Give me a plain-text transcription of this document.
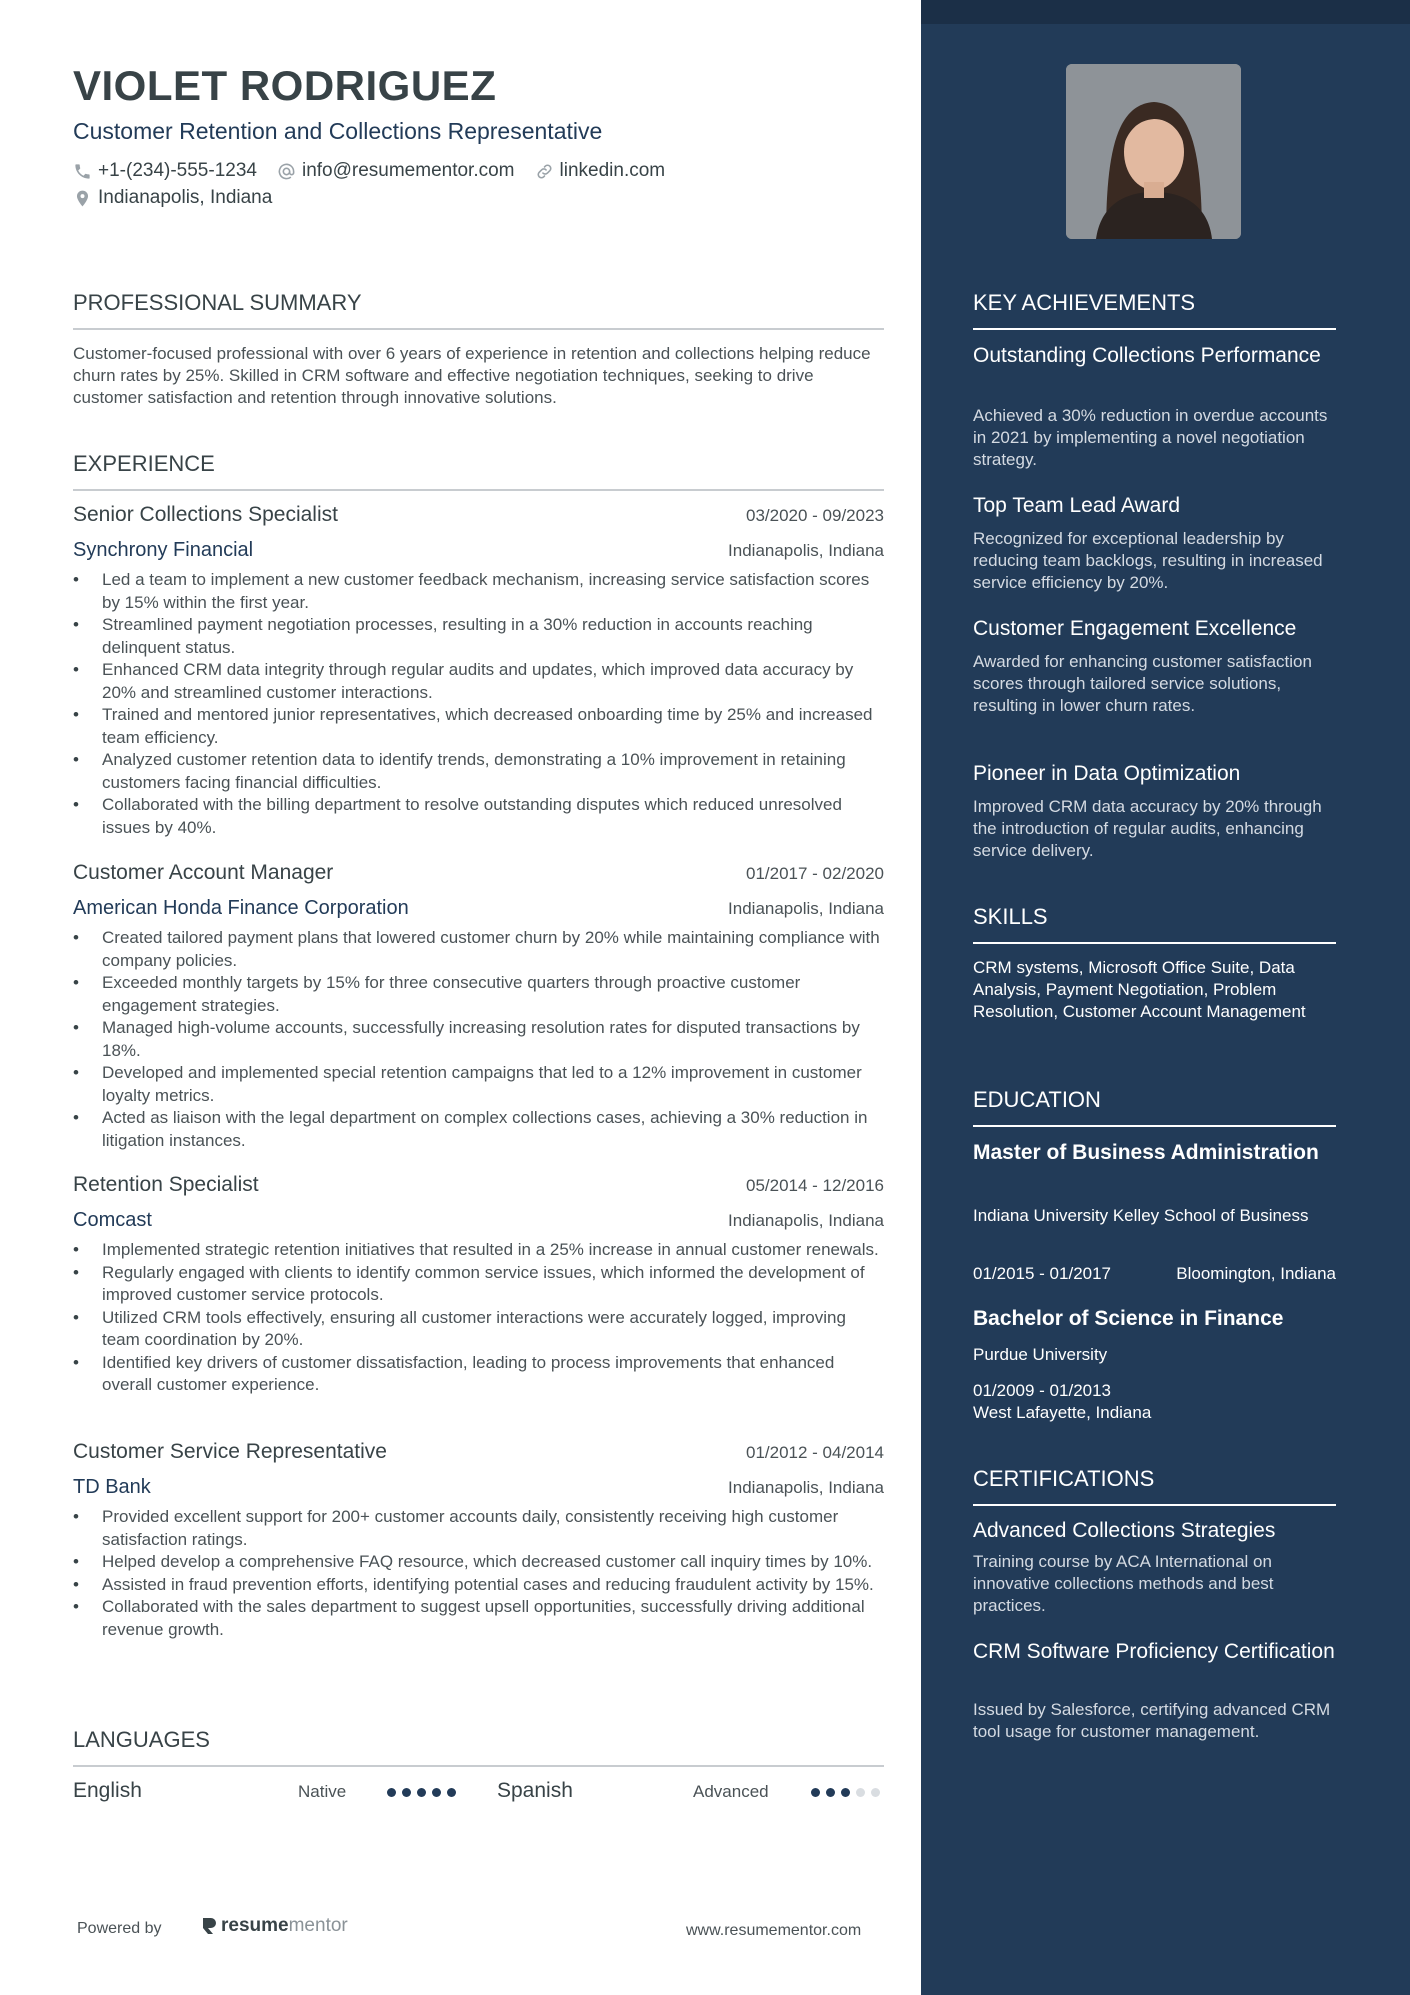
VIOLET RODRIGUEZ
Customer Retention and Collections Representative
+1-(234)-555-1234 info@resumementor.com linkedin.com
Indianapolis, Indiana
PROFESSIONAL SUMMARY
Customer-focused professional with over 6 years of experience in retention and collections helping reduce churn rates by 25%. Skilled in CRM software and effective negotiation techniques, seeking to drive customer satisfaction and retention through innovative solutions.
EXPERIENCE
Senior Collections Specialist	03/2020 - 09/2023
Synchrony Financial	Indianapolis, Indiana
• Led a team to implement a new customer feedback mechanism, increasing service satisfaction scores by 15% within the first year.
• Streamlined payment negotiation processes, resulting in a 30% reduction in accounts reaching delinquent status.
• Enhanced CRM data integrity through regular audits and updates, which improved data accuracy by 20% and streamlined customer interactions.
• Trained and mentored junior representatives, which decreased onboarding time by 25% and increased team efficiency.
• Analyzed customer retention data to identify trends, demonstrating a 10% improvement in retaining customers facing financial difficulties.
• Collaborated with the billing department to resolve outstanding disputes which reduced unresolved issues by 40%.
Customer Account Manager	01/2017 - 02/2020
American Honda Finance Corporation	Indianapolis, Indiana
• Created tailored payment plans that lowered customer churn by 20% while maintaining compliance with company policies.
• Exceeded monthly targets by 15% for three consecutive quarters through proactive customer engagement strategies.
• Managed high-volume accounts, successfully increasing resolution rates for disputed transactions by 18%.
• Developed and implemented special retention campaigns that led to a 12% improvement in customer loyalty metrics.
• Acted as liaison with the legal department on complex collections cases, achieving a 30% reduction in litigation instances.
Retention Specialist	05/2014 - 12/2016
Comcast	Indianapolis, Indiana
• Implemented strategic retention initiatives that resulted in a 25% increase in annual customer renewals.
• Regularly engaged with clients to identify common service issues, which informed the development of improved customer service protocols.
• Utilized CRM tools effectively, ensuring all customer interactions were accurately logged, improving team coordination by 20%.
• Identified key drivers of customer dissatisfaction, leading to process improvements that enhanced overall customer experience.
Customer Service Representative	01/2012 - 04/2014
TD Bank	Indianapolis, Indiana
• Provided excellent support for 200+ customer accounts daily, consistently receiving high customer satisfaction ratings.
• Helped develop a comprehensive FAQ resource, which decreased customer call inquiry times by 10%.
• Assisted in fraud prevention efforts, identifying potential cases and reducing fraudulent activity by 15%.
• Collaborated with the sales department to suggest upsell opportunities, successfully driving additional revenue growth.
LANGUAGES
English	Native	Spanish	Advanced
Powered by	resume mentor	www.resumementor.com
KEY ACHIEVEMENTS
Outstanding Collections Performance
Achieved a 30% reduction in overdue accounts in 2021 by implementing a novel negotiation strategy.
Top Team Lead Award
Recognized for exceptional leadership by reducing team backlogs, resulting in increased service efficiency by 20%.
Customer Engagement Excellence
Awarded for enhancing customer satisfaction scores through tailored service solutions, resulting in lower churn rates.
Pioneer in Data Optimization
Improved CRM data accuracy by 20% through the introduction of regular audits, enhancing service delivery.
SKILLS
CRM systems, Microsoft Office Suite, Data Analysis, Payment Negotiation, Problem Resolution, Customer Account Management
EDUCATION
Master of Business Administration
Indiana University Kelley School of Business
01/2015 - 01/2017	Bloomington, Indiana
Bachelor of Science in Finance
Purdue University
01/2009 - 01/2013
West Lafayette, Indiana
CERTIFICATIONS
Advanced Collections Strategies
Training course by ACA International on innovative collections methods and best practices.
CRM Software Proficiency Certification
Issued by Salesforce, certifying advanced CRM tool usage for customer management.
